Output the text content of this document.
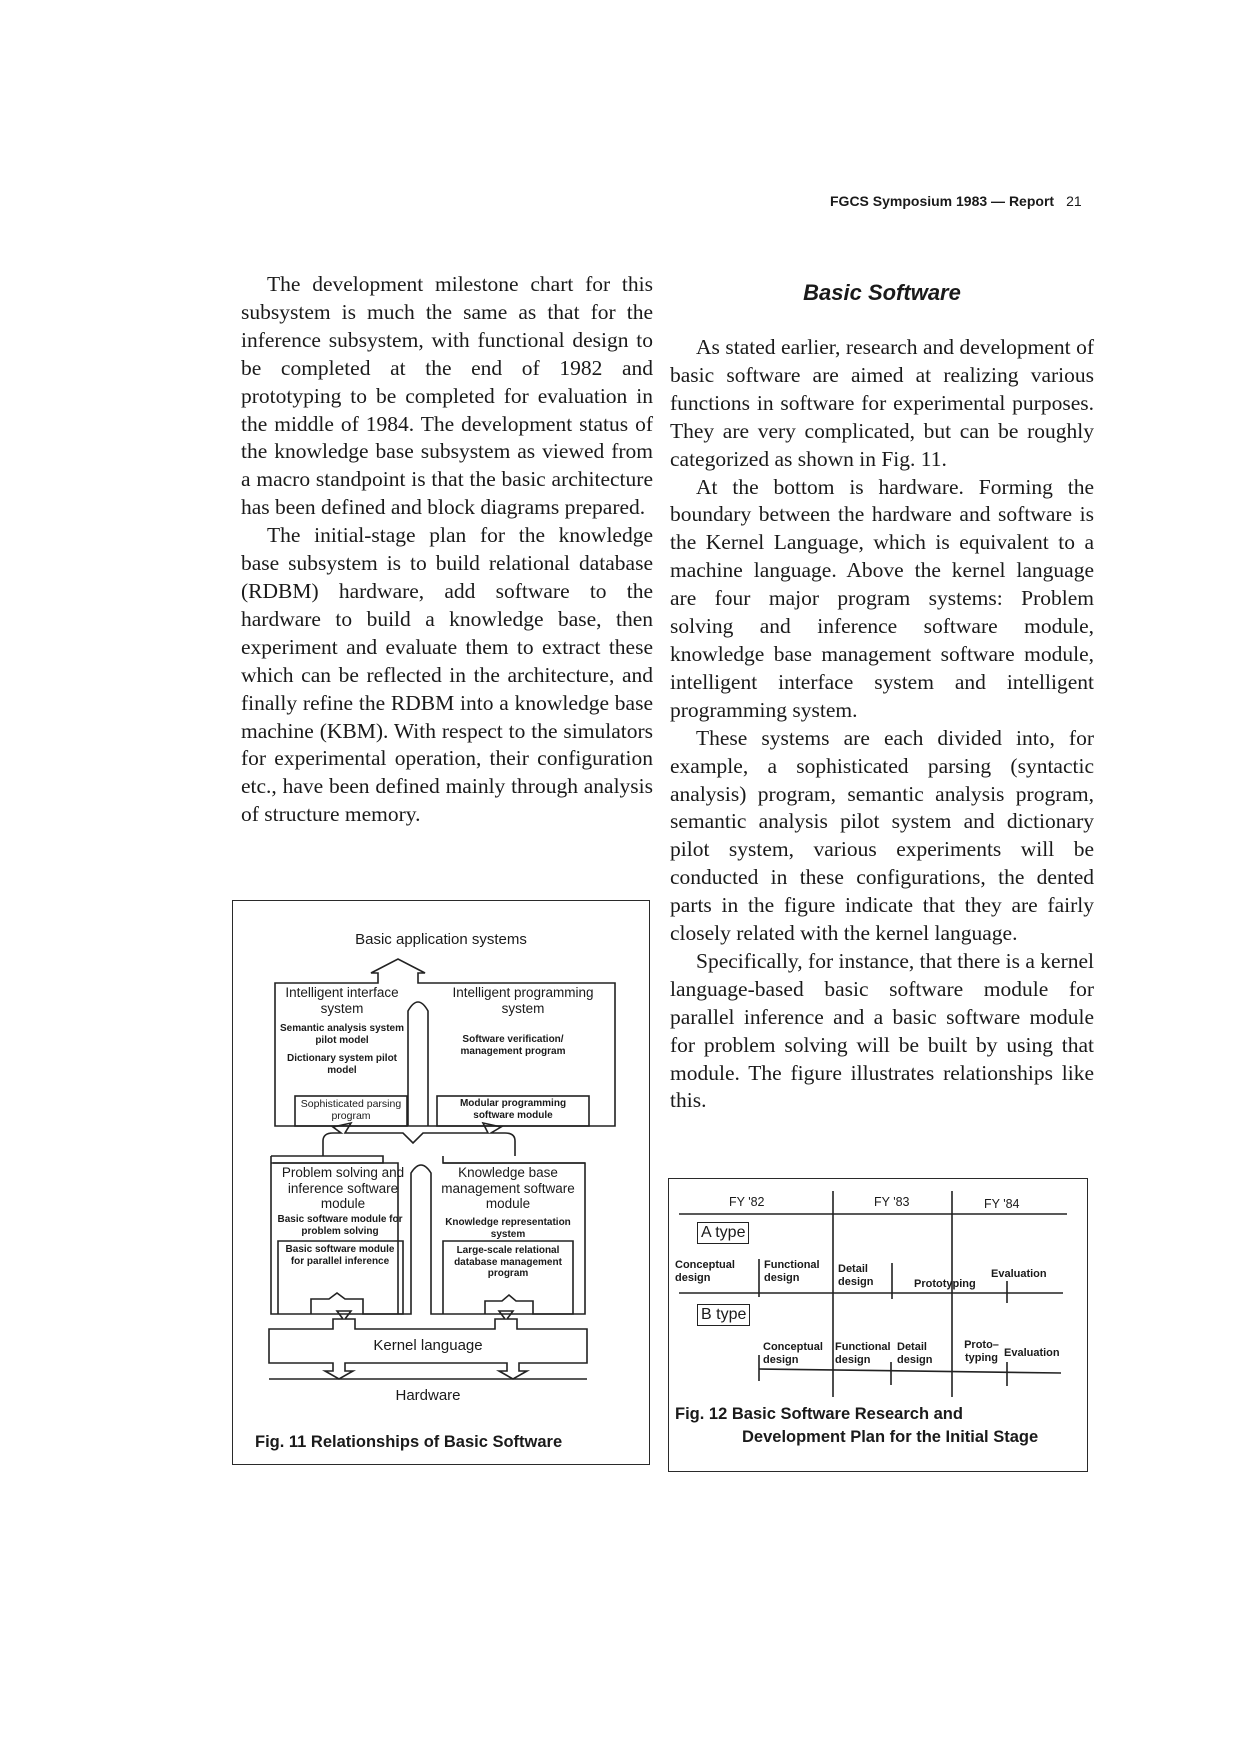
FGCS Symposium 1983 — Report 21

The development milestone chart for this subsystem is much the same as that for the inference subsystem, with functional design to be completed at the end of 1982 and prototyping to be completed for evaluation in the middle of 1984. The development status of the knowledge base subsystem as viewed from a macro standpoint is that the basic architecture has been defined and block diagrams prepared.

The initial-stage plan for the knowledge base subsystem is to build relational database (RDBM) hardware, add software to the hardware to build a knowledge base, then experiment and evaluate them to extract these which can be reflected in the architecture, and finally refine the RDBM into a knowledge base machine (KBM). With respect to the simulators for experimental operation, their configuration etc., have been defined mainly through analysis of structure memory.

Basic Software

As stated earlier, research and development of basic software are aimed at realizing various functions in software for experimental purposes. They are very complicated, but can be roughly categorized as shown in Fig. 11.

At the bottom is hardware. Forming the boundary between the hardware and software is the Kernel Language, which is equivalent to a machine language. Above the kernel language are four major program systems: Problem solving and inference software module, knowledge base management software module, intelligent interface system and intelligent programming system.

These systems are each divided into, for example, a sophisticated parsing (syntactic analysis) program, semantic analysis program, semantic analysis pilot system and dictionary pilot system, various experiments will be conducted in these configurations, the dented parts in the figure indicate that they are fairly closely related with the kernel language.

Specifically, for instance, that there is a kernel language-based basic software module for parallel inference and a basic software module for problem solving will be built by using that module. The figure illustrates relationships like this.

Basic application systems
Intelligent interface system
Semantic analysis system pilot model
Dictionary system pilot model
Sophisticated parsing program
Intelligent programming system
Software verification/ management program
Modular programming software module
Problem solving and inference software module
Basic software module for problem solving
Basic software module for parallel inference
Knowledge base management software module
Knowledge representation system
Large-scale relational database management program
Kernel language
Hardware
Fig. 11 Relationships of Basic Software
FY '82	FY '83	FY '84
A type
Conceptual design
Functional design
Detail design	Prototyping
Evaluation
B type
Conceptual design
Functional design
Detail design
Proto– typing Evaluation
Fig. 12 Basic Software Research and
Development Plan for the Initial Stage
